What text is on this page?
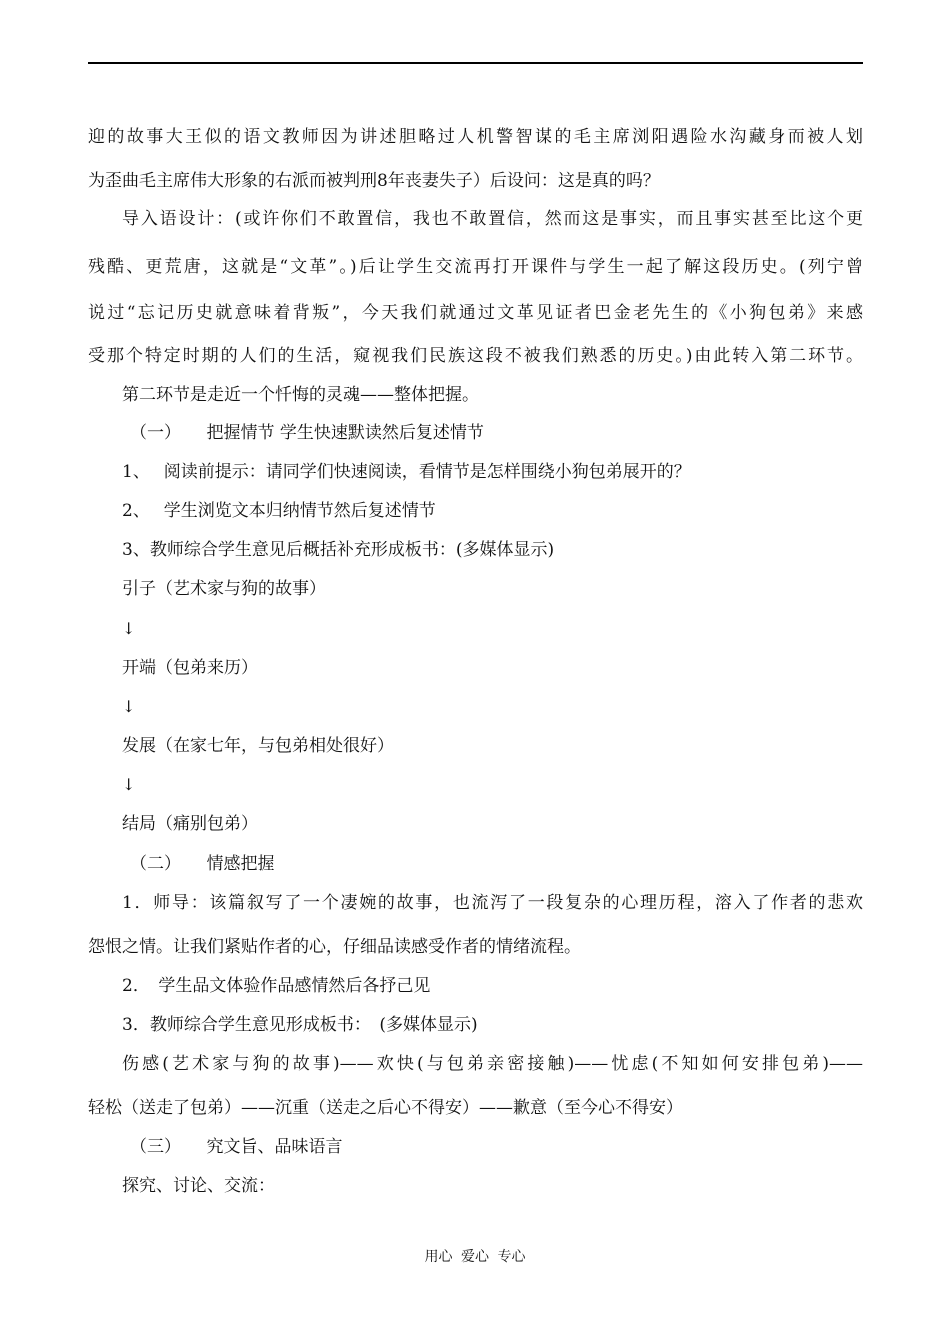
迎的故事大王似的语文教师因为讲述胆略过人机警智谋的毛主席浏阳遇险水沟藏身而被人划
为歪曲毛主席伟大形象的右派而被判刑8年丧妻失子）后设问：这是真的吗？
导入语设计：(或许你们不敢置信，我也不敢置信，然而这是事实，而且事实甚至比这个更
残酷、更荒唐，这就是“文革”。)后让学生交流再打开课件与学生一起了解这段历史。(列宁曾
说过“忘记历史就意味着背叛”，今天我们就通过文革见证者巴金老先生的《小狗包弟》来感
受那个特定时期的人们的生活，窥视我们民族这段不被我们熟悉的历史。)由此转入第二环节。
第二环节是走近一个忏悔的灵魂——整体把握。
（一）　　把握情节 学生快速默读然后复述情节
1、　 阅读前提示：请同学们快速阅读，看情节是怎样围绕小狗包弟展开的？
2、　 学生浏览文本归纳情节然后复述情节
3、教师综合学生意见后概括补充形成板书：(多媒体显示)
引子（艺术家与狗的故事）
↓
开端（包弟来历）
↓
发展（在家七年，与包弟相处很好）
↓
结局（痛别包弟）
（二）　　情感把握
1．师导：该篇叙写了一个凄婉的故事，也流泻了一段复杂的心理历程，溶入了作者的悲欢
怨恨之情。让我们紧贴作者的心，仔细品读感受作者的情绪流程。
2．　学生品文体验作品感情然后各抒己见
3．教师综合学生意见形成板书：　(多媒体显示)
伤感(艺术家与狗的故事)——欢快(与包弟亲密接触)——忧虑(不知如何安排包弟)——
轻松（送走了包弟）——沉重（送走之后心不得安）——歉意（至今心不得安）
（三）　　究文旨、品味语言
探究、讨论、交流：
用心 爱心 专心
